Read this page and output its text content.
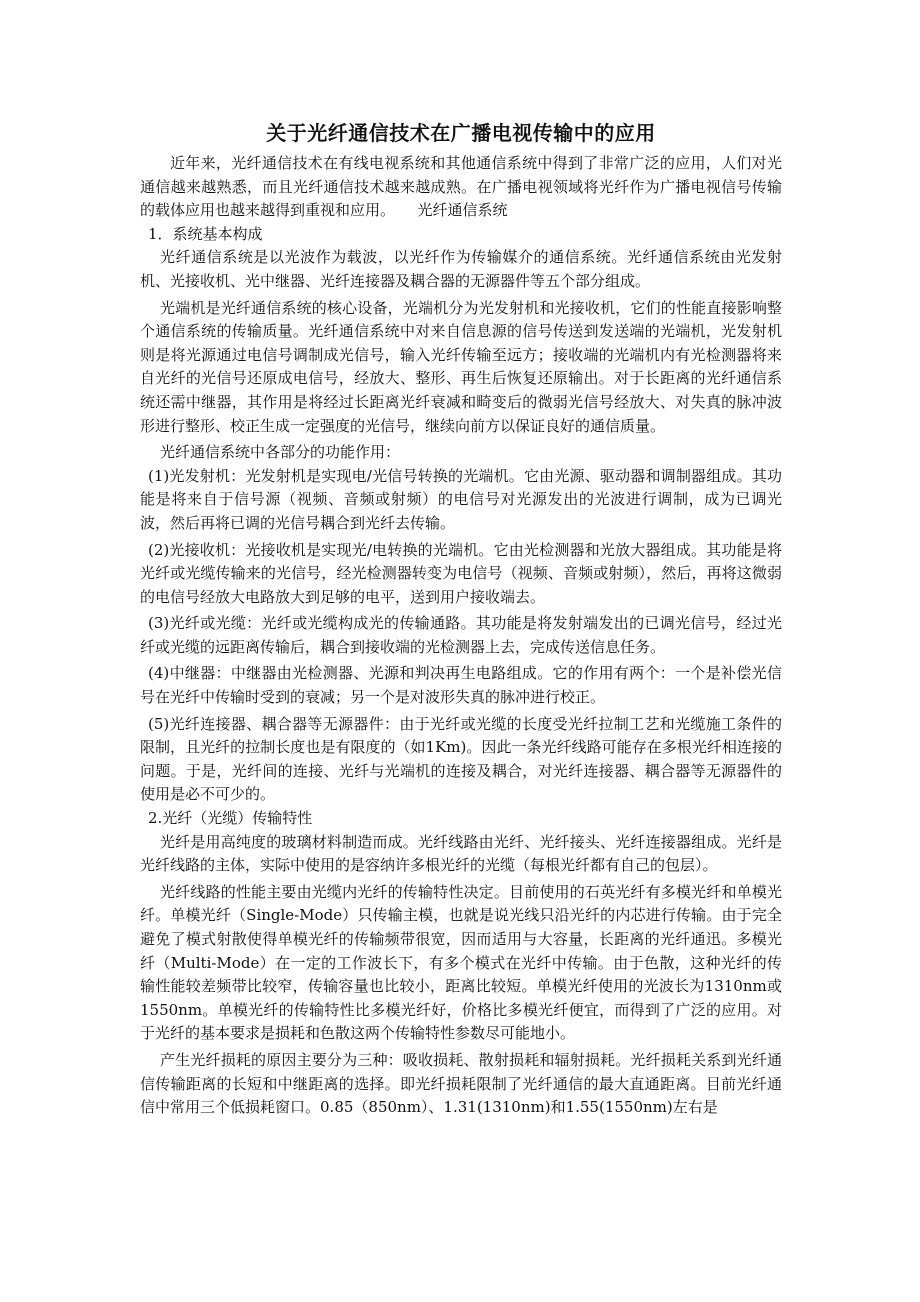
关于光纤通信技术在广播电视传输中的应用

近年来，光纤通信技术在有线电视系统和其他通信系统中得到了非常广泛的应用，人们对光通信越来越熟悉，而且光纤通信技术越来越成熟。在广播电视领域将光纤作为广播电视信号传输的载体应用也越来越得到重视和应用。　　光纤通信系统

1．系统基本构成

光纤通信系统是以光波作为载波，以光纤作为传输媒介的通信系统。光纤通信系统由光发射机、光接收机、光中继器、光纤连接器及耦合器的无源器件等五个部分组成。

光端机是光纤通信系统的核心设备，光端机分为光发射机和光接收机，它们的性能直接影响整个通信系统的传输质量。光纤通信系统中对来自信息源的信号传送到发送端的光端机，光发射机则是将光源通过电信号调制成光信号，输入光纤传输至远方；接收端的光端机内有光检测器将来自光纤的光信号还原成电信号，经放大、整形、再生后恢复还原输出。对于长距离的光纤通信系统还需中继器，其作用是将经过长距离光纤衰减和畸变后的微弱光信号经放大、对失真的脉冲波形进行整形、校正生成一定强度的光信号，继续向前方以保证良好的通信质量。

光纤通信系统中各部分的功能作用：

(1)光发射机：光发射机是实现电/光信号转换的光端机。它由光源、驱动器和调制器组成。其功能是将来自于信号源（视频、音频或射频）的电信号对光源发出的光波进行调制，成为已调光波，然后再将已调的光信号耦合到光纤去传输。

(2)光接收机：光接收机是实现光/电转换的光端机。它由光检测器和光放大器组成。其功能是将光纤或光缆传输来的光信号，经光检测器转变为电信号（视频、音频或射频），然后，再将这微弱的电信号经放大电路放大到足够的电平，送到用户接收端去。

(3)光纤或光缆：光纤或光缆构成光的传输通路。其功能是将发射端发出的已调光信号，经过光纤或光缆的远距离传输后，耦合到接收端的光检测器上去，完成传送信息任务。

(4)中继器：中继器由光检测器、光源和判决再生电路组成。它的作用有两个：一个是补偿光信号在光纤中传输时受到的衰减；另一个是对波形失真的脉冲进行校正。

(5)光纤连接器、耦合器等无源器件：由于光纤或光缆的长度受光纤拉制工艺和光缆施工条件的限制，且光纤的拉制长度也是有限度的（如1Km)。因此一条光纤线路可能存在多根光纤相连接的问题。于是，光纤间的连接、光纤与光端机的连接及耦合，对光纤连接器、耦合器等无源器件的使用是必不可少的。

2.光纤（光缆）传输特性

光纤是用高纯度的玻璃材料制造而成。光纤线路由光纤、光纤接头、光纤连接器组成。光纤是光纤线路的主体，实际中使用的是容纳许多根光纤的光缆（每根光纤都有自己的包层）。

光纤线路的性能主要由光缆内光纤的传输特性决定。目前使用的石英光纤有多模光纤和单模光纤。单模光纤（Single-Mode）只传输主模，也就是说光线只沿光纤的内芯进行传输。由于完全避免了模式射散使得单模光纤的传输频带很宽，因而适用与大容量，长距离的光纤通迅。多模光纤（Multi-Mode）在一定的工作波长下，有多个模式在光纤中传输。由于色散，这种光纤的传输性能较差频带比较窄，传输容量也比较小，距离比较短。单模光纤使用的光波长为1310nm或1550nm。单模光纤的传输特性比多模光纤好，价格比多模光纤便宜，而得到了广泛的应用。对于光纤的基本要求是损耗和色散这两个传输特性参数尽可能地小。

产生光纤损耗的原因主要分为三种：吸收损耗、散射损耗和辐射损耗。光纤损耗关系到光纤通信传输距离的长短和中继距离的选择。即光纤损耗限制了光纤通信的最大直通距离。目前光纤通信中常用三个低损耗窗口。0.85（850nm）、1.31(1310nm)和1.55(1550nm)左右是
